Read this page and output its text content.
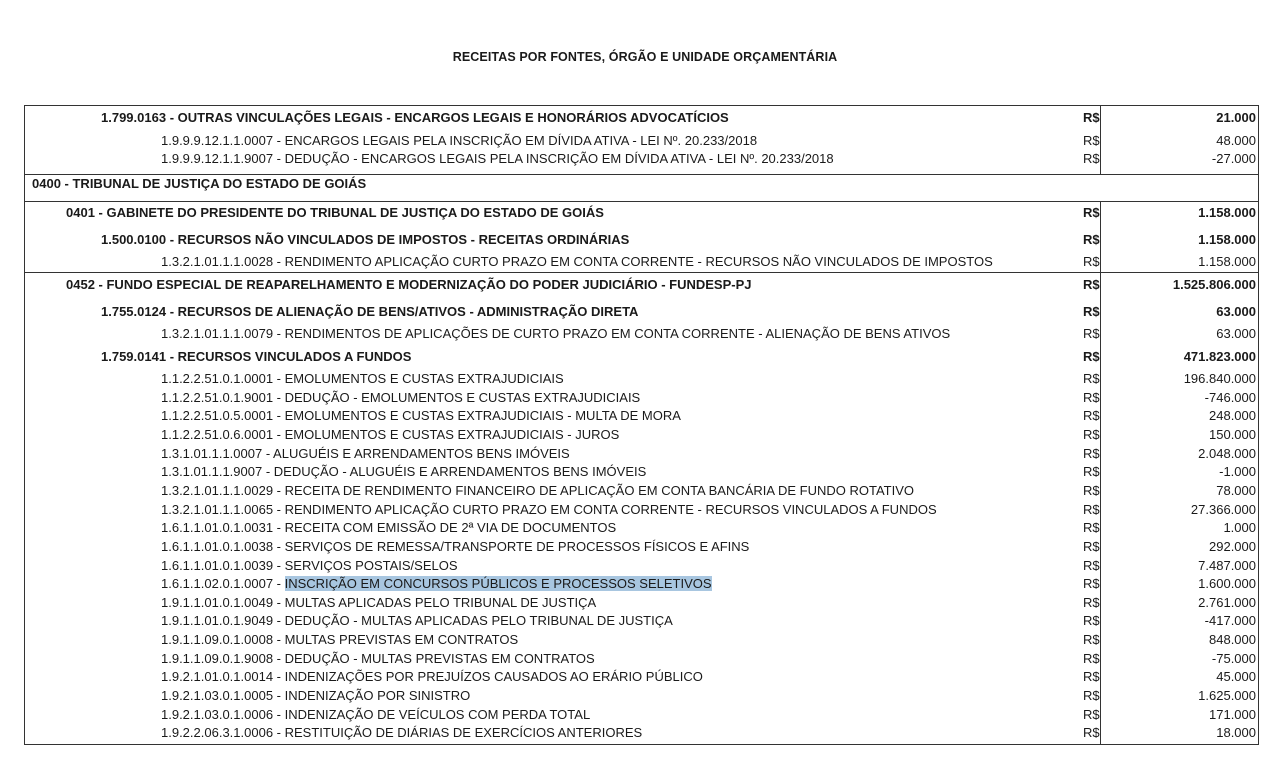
RECEITAS POR FONTES, ÓRGÃO E UNIDADE ORÇAMENTÁRIA
1.799.0163 - OUTRAS VINCULAÇÕES LEGAIS - ENCARGOS LEGAIS E HONORÁRIOS ADVOCATÍCIOS	R$	21.000
1.9.9.9.12.1.1.0007 - ENCARGOS LEGAIS PELA INSCRIÇÃO EM DÍVIDA ATIVA - LEI Nº. 20.233/2018	R$	48.000
1.9.9.9.12.1.1.9007 - DEDUÇÃO - ENCARGOS LEGAIS PELA INSCRIÇÃO EM DÍVIDA ATIVA - LEI Nº. 20.233/2018	R$	-27.000
0400 - TRIBUNAL DE JUSTIÇA DO ESTADO DE GOIÁS
0401 - GABINETE DO PRESIDENTE DO TRIBUNAL DE JUSTIÇA DO ESTADO DE GOIÁS	R$	1.158.000
1.500.0100 - RECURSOS NÃO VINCULADOS DE IMPOSTOS - RECEITAS ORDINÁRIAS	R$	1.158.000
1.3.2.1.01.1.1.0028 - RENDIMENTO APLICAÇÃO CURTO PRAZO EM CONTA CORRENTE - RECURSOS NÃO VINCULADOS DE IMPOSTOS	R$	1.158.000
0452 - FUNDO ESPECIAL DE REAPARELHAMENTO E MODERNIZAÇÃO DO PODER JUDICIÁRIO - FUNDESP-PJ	R$	1.525.806.000
1.755.0124 - RECURSOS DE ALIENAÇÃO DE BENS/ATIVOS - ADMINISTRAÇÃO DIRETA	R$	63.000
1.3.2.1.01.1.1.0079 - RENDIMENTOS DE APLICAÇÕES DE CURTO PRAZO EM CONTA CORRENTE - ALIENAÇÃO DE BENS ATIVOS	R$	63.000
1.759.0141 - RECURSOS VINCULADOS A FUNDOS	R$	471.823.000
1.1.2.2.51.0.1.0001 - EMOLUMENTOS E CUSTAS EXTRAJUDICIAIS	R$	196.840.000
1.1.2.2.51.0.1.9001 - DEDUÇÃO - EMOLUMENTOS E CUSTAS EXTRAJUDICIAIS	R$	-746.000
1.1.2.2.51.0.5.0001 - EMOLUMENTOS E CUSTAS EXTRAJUDICIAIS - MULTA DE MORA	R$	248.000
1.1.2.2.51.0.6.0001 - EMOLUMENTOS E CUSTAS EXTRAJUDICIAIS - JUROS	R$	150.000
1.3.1.01.1.1.0007 - ALUGUÉIS E ARRENDAMENTOS BENS IMÓVEIS	R$	2.048.000
1.3.1.01.1.1.9007 - DEDUÇÃO - ALUGUÉIS E ARRENDAMENTOS BENS IMÓVEIS	R$	-1.000
1.3.2.1.01.1.1.0029 - RECEITA DE RENDIMENTO FINANCEIRO DE APLICAÇÃO EM CONTA BANCÁRIA DE FUNDO ROTATIVO	R$	78.000
1.3.2.1.01.1.1.0065 - RENDIMENTO APLICAÇÃO CURTO PRAZO EM CONTA CORRENTE - RECURSOS VINCULADOS A FUNDOS	R$	27.366.000
1.6.1.1.01.0.1.0031 - RECEITA COM EMISSÃO DE 2ª VIA DE DOCUMENTOS	R$	1.000
1.6.1.1.01.0.1.0038 - SERVIÇOS DE REMESSA/TRANSPORTE DE PROCESSOS FÍSICOS E AFINS	R$	292.000
1.6.1.1.01.0.1.0039 - SERVIÇOS POSTAIS/SELOS	R$	7.487.000
1.6.1.1.02.0.1.0007 - INSCRIÇÃO EM CONCURSOS PÚBLICOS E PROCESSOS SELETIVOS	R$	1.600.000
1.9.1.1.01.0.1.0049 - MULTAS APLICADAS PELO TRIBUNAL DE JUSTIÇA	R$	2.761.000
1.9.1.1.01.0.1.9049 - DEDUÇÃO - MULTAS APLICADAS PELO TRIBUNAL DE JUSTIÇA	R$	-417.000
1.9.1.1.09.0.1.0008 - MULTAS PREVISTAS EM CONTRATOS	R$	848.000
1.9.1.1.09.0.1.9008 - DEDUÇÃO - MULTAS PREVISTAS EM CONTRATOS	R$	-75.000
1.9.2.1.01.0.1.0014 - INDENIZAÇÕES POR PREJUÍZOS CAUSADOS AO ERÁRIO PÚBLICO	R$	45.000
1.9.2.1.03.0.1.0005 - INDENIZAÇÃO POR SINISTRO	R$	1.625.000
1.9.2.1.03.0.1.0006 - INDENIZAÇÃO DE VEÍCULOS COM PERDA TOTAL	R$	171.000
1.9.2.2.06.3.1.0006 - RESTITUIÇÃO DE DIÁRIAS DE EXERCÍCIOS ANTERIORES	R$	18.000
